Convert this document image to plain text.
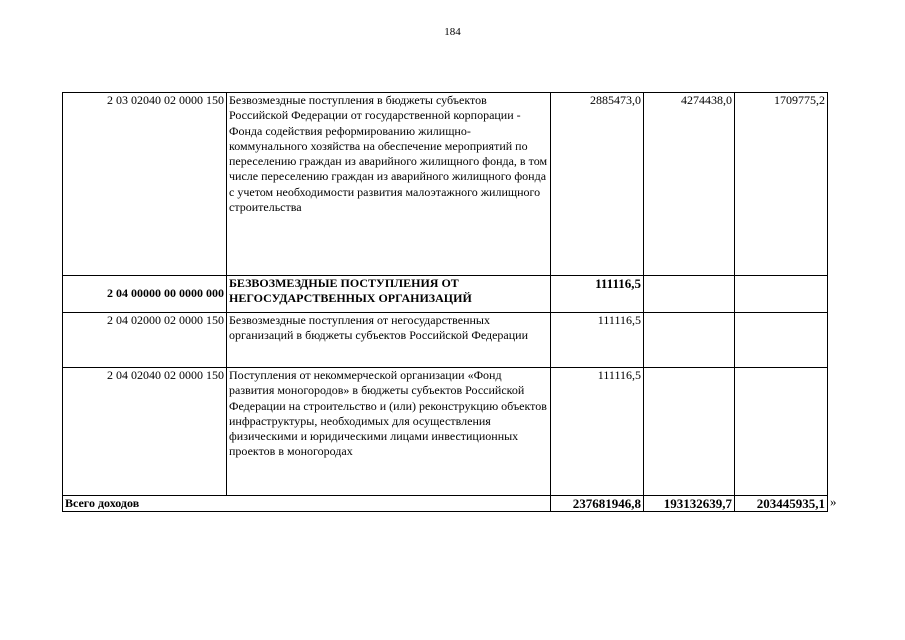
184
2 03 02040 02 0000 150	Безвозмездные поступления в бюджеты субъектов Российской Федерации от государственной корпорации - Фонда содействия реформированию жилищно-коммунального хозяйства на обеспечение мероприятий по переселению граждан из аварийного жилищного фонда, в том числе переселению граждан из аварийного жилищного фонда с учетом необходимости развития малоэтажного жилищного строительства	2885473,0	4274438,0	1709775,2
2 04 00000 00 0000 000	БЕЗВОЗМЕЗДНЫЕ ПОСТУПЛЕНИЯ ОТ НЕГОСУДАРСТВЕННЫХ ОРГАНИЗАЦИЙ	111116,5		
2 04 02000 02 0000 150	Безвозмездные поступления от негосударственных организаций в бюджеты субъектов Российской Федерации	111116,5		
2 04 02040 02 0000 150	Поступления от некоммерческой организации «Фонд развития моногородов» в бюджеты субъектов Российской Федерации на строительство и (или) реконструкцию объектов инфраструктуры, необходимых для осуществления физическими и юридическими лицами инвестиционных проектов в моногородах	111116,5		
Всего доходов		237681946,8	193132639,7	203445935,1 »
